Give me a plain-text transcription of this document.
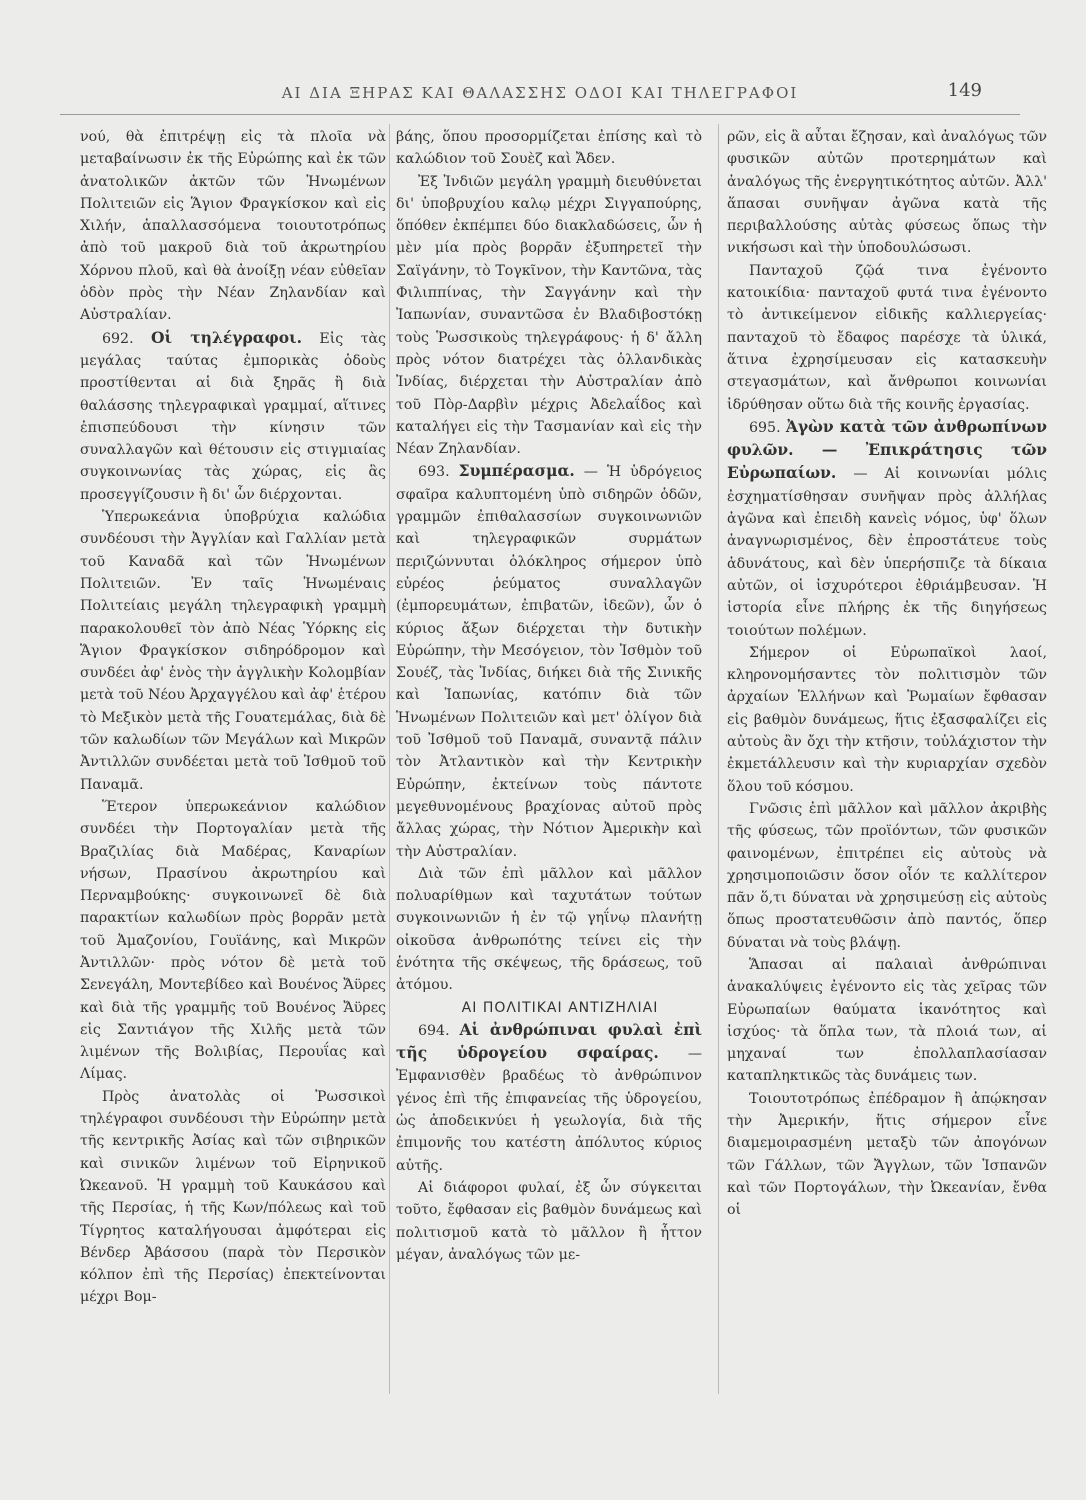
ΑΙ ΔΙΑ ΞΗΡΑΣ ΚΑΙ ΘΑΛΑΣΣΗΣ ΟΔΟΙ ΚΑΙ ΤΗΛΕΓΡΑΦΟΙ	149

νού, θὰ ἐπιτρέψῃ εἰς τὰ πλοῖα νὰ μεταβαίνωσιν ἐκ τῆς Εὐρώπης καὶ ἐκ τῶν ἀνατολικῶν ἀκτῶν τῶν Ἡνωμένων Πολιτειῶν εἰς Ἅγιον Φραγκίσκον καὶ εἰς Χιλήν, ἀπαλλασσόμενα τοιουτοτρόπως ἀπὸ τοῦ μακροῦ διὰ τοῦ ἀκρωτηρίου Χόρνου πλοῦ, καὶ θὰ ἀνοίξῃ νέαν εὐθεῖαν ὁδὸν πρὸς τὴν Νέαν Ζηλανδίαν καὶ Αὐστραλίαν.

692. Οἱ τηλέγραφοι. Εἰς τὰς μεγάλας ταύτας ἐμπορικὰς ὁδοὺς προστίθενται αἱ διὰ ξηρᾶς ἢ διὰ θαλάσσης τηλεγραφικαὶ γραμμαί, αἵτινες ἐπισπεύδουσι τὴν κίνησιν τῶν συναλλαγῶν καὶ θέτουσιν εἰς στιγμιαίας συγκοινωνίας τὰς χώρας, εἰς ἃς προσεγγίζουσιν ἢ δι' ὧν διέρχονται.

Ὑπερωκεάνια ὑποβρύχια καλώδια συνδέουσι τὴν Ἀγγλίαν καὶ Γαλλίαν μετὰ τοῦ Καναδᾶ καὶ τῶν Ἡνωμένων Πολιτειῶν. Ἐν ταῖς Ἡνωμέναις Πολιτείαις μεγάλη τηλεγραφικὴ γραμμὴ παρακολουθεῖ τὸν ἀπὸ Νέας Ὑόρκης εἰς Ἅγιον Φραγκίσκον σιδηρόδρομον καὶ συνδέει ἀφ' ἑνὸς τὴν ἀγγλικὴν Κολομβίαν μετὰ τοῦ Νέου Ἀρχαγγέλου καὶ ἀφ' ἑτέρου τὸ Μεξικὸν μετὰ τῆς Γουατεμάλας, διὰ δὲ τῶν καλωδίων τῶν Μεγάλων καὶ Μικρῶν Ἀντιλλῶν συνδέεται μετὰ τοῦ Ἰσθμοῦ τοῦ Παναμᾶ.

Ἕτερον ὑπερωκεάνιον καλώδιον συνδέει τὴν Πορτογαλίαν μετὰ τῆς Βραζιλίας διὰ Μαδέρας, Καναρίων νήσων, Πρασίνου ἀκρωτηρίου καὶ Περναμβούκης· συγκοινωνεῖ δὲ διὰ παρακτίων καλωδίων πρὸς βορρᾶν μετὰ τοῦ Ἀμαζονίου, Γουϊάνης, καὶ Μικρῶν Ἀντιλλῶν· πρὸς νότον δὲ μετὰ τοῦ Σενεγάλη, Μοντεβίδεο καὶ Βουένος Ἄϋρες καὶ διὰ τῆς γραμμῆς τοῦ Βουένος Ἄϋρες εἰς Σαντιάγον τῆς Χιλῆς μετὰ τῶν λιμένων τῆς Βολιβίας, Περουΐας καὶ Λίμας.

Πρὸς ἀνατολὰς οἱ Ῥωσσικοὶ τηλέγραφοι συνδέουσι τὴν Εὐρώπην μετὰ τῆς κεντρικῆς Ἀσίας καὶ τῶν σιβηρικῶν καὶ σινικῶν λιμένων τοῦ Εἰρηνικοῦ Ὠκεανοῦ. Ἡ γραμμὴ τοῦ Καυκάσου καὶ τῆς Περσίας, ἡ τῆς Κων/πόλεως καὶ τοῦ Τίγρητος καταλήγουσαι ἀμφότεραι εἰς Βένδερ Ἀβάσσου (παρὰ τὸν Περσικὸν κόλπον ἐπὶ τῆς Περσίας) ἐπεκτείνονται μέχρι Βομ-

βάης, ὅπου προσορμίζεται ἐπίσης καὶ τὸ καλώδιον τοῦ Σουὲζ καὶ Ἄδεν.

Ἐξ Ἰνδιῶν μεγάλη γραμμὴ διευθύνεται δι' ὑποβρυχίου καλῳ μέχρι Σιγγαπούρης, ὅπόθεν ἐκπέμπει δύο διακλαδώσεις, ὧν ἡ μὲν μία πρὸς βορρᾶν ἐξυπηρετεῖ τὴν Σαϊγάνην, τὸ Τογκῖνον, τὴν Καντῶνα, τὰς Φιλιππίνας, τὴν Σαγγάνην καὶ τὴν Ἰαπωνίαν, συναντῶσα ἐν Βλαδιβοστόκῃ τοὺς Ῥωσσικοὺς τηλεγράφους· ἡ δ' ἄλλη πρὸς νότον διατρέχει τὰς ὁλλανδικὰς Ἰνδίας, διέρχεται τὴν Αὐστραλίαν ἀπὸ τοῦ Πὸρ-Δαρβὶν μέχρις Ἀδελαΐδος καὶ καταλήγει εἰς τὴν Τασμανίαν καὶ εἰς τὴν Νέαν Ζηλανδίαν.

693. Συμπέρασμα. — Ἡ ὑδρόγειος σφαῖρα καλυπτομένη ὑπὸ σιδηρῶν ὁδῶν, γραμμῶν ἐπιθαλασσίων συγκοινωνιῶν καὶ τηλεγραφικῶν συρμάτων περιζώννυται ὁλόκληρος σήμερον ὑπὸ εὐρέος ῥεύματος συναλλαγῶν (ἐμπορευμάτων, ἐπιβατῶν, ἰδεῶν), ὧν ὁ κύριος ἄξων διέρχεται τὴν δυτικὴν Εὐρώπην, τὴν Μεσόγειον, τὸν Ἰσθμὸν τοῦ Σουέζ, τὰς Ἰνδίας, διήκει διὰ τῆς Σινικῆς καὶ Ἰαπωνίας, κατόπιν διὰ τῶν Ἡνωμένων Πολιτειῶν καὶ μετ' ὀλίγον διὰ τοῦ Ἰσθμοῦ τοῦ Παναμᾶ, συναντᾷ πάλιν τὸν Ἀτλαντικὸν καὶ τὴν Κεντρικὴν Εὐρώπην, ἐκτείνων τοὺς πάντοτε μεγεθυνομένους βραχίονας αὐτοῦ πρὸς ἄλλας χώρας, τὴν Νότιον Ἀμερικὴν καὶ τὴν Αὐστραλίαν.

Διὰ τῶν ἐπὶ μᾶλλον καὶ μᾶλλον πολυαρίθμων καὶ ταχυτάτων τούτων συγκοινωνιῶν ἡ ἐν τῷ γηΐνῳ πλανήτῃ οἰκοῦσα ἀνθρωπότης τείνει εἰς τὴν ἑνότητα τῆς σκέψεως, τῆς δράσεως, τοῦ ἀτόμου.

ΑΙ ΠΟΛΙΤΙΚΑΙ ΑΝΤΙΖΗΛΙΑΙ

694. Αἱ ἀνθρώπιναι φυλαὶ ἐπὶ τῆς ὑδρογείου σφαίρας. — Ἐμφανισθὲν βραδέως τὸ ἀνθρώπινον γένος ἐπὶ τῆς ἐπιφανείας τῆς ὑδρογείου, ὡς ἀποδεικνύει ἡ γεωλογία, διὰ τῆς ἐπιμονῆς του κατέστη ἀπόλυτος κύριος αὐτῆς.

Αἱ διάφοροι φυλαί, ἐξ ὧν σύγκειται τοῦτο, ἔφθασαν εἰς βαθμὸν δυνάμεως καὶ πολιτισμοῦ κατὰ τὸ μᾶλλον ἢ ἧττον μέγαν, ἀναλόγως τῶν με-

ρῶν, εἰς ἃ αὗται ἔζησαν, καὶ ἀναλόγως τῶν φυσικῶν αὐτῶν προτερημάτων καὶ ἀναλόγως τῆς ἐνεργητικότητος αὐτῶν. Ἀλλ' ἅπασαι συνῆψαν ἀγῶνα κατὰ τῆς περιβαλλούσης αὐτὰς φύσεως ὅπως τὴν νικήσωσι καὶ τὴν ὑποδουλώσωσι.

Πανταχοῦ ζῷά τινα ἐγένοντο κατοικίδια· πανταχοῦ φυτά τινα ἐγένοντο τὸ ἀντικείμενον εἰδικῆς καλλιεργείας· πανταχοῦ τὸ ἔδαφος παρέσχε τὰ ὑλικά, ἅτινα ἐχρησίμευσαν εἰς κατασκευὴν στεγασμάτων, καὶ ἄνθρωποι κοινωνίαι ἱδρύθησαν οὕτω διὰ τῆς κοινῆς ἐργασίας.

695. Ἀγὼν κατὰ τῶν ἀνθρωπίνων φυλῶν. — Ἐπικράτησις τῶν Εὐρωπαίων. — Αἱ κοινωνίαι μόλις ἐσχηματίσθησαν συνῆψαν πρὸς ἀλλήλας ἀγῶνα καὶ ἐπειδὴ κανεὶς νόμος, ὑφ' ὅλων ἀναγνωρισμένος, δὲν ἐπροστάτευε τοὺς ἀδυνάτους, καὶ δὲν ὑπερήσπιζε τὰ δίκαια αὐτῶν, οἱ ἰσχυρότεροι ἐθριάμβευσαν. Ἡ ἱστορία εἶνε πλήρης ἐκ τῆς διηγήσεως τοιούτων πολέμων.

Σήμερον οἱ Εὐρωπαϊκοὶ λαοί, κληρονομήσαντες τὸν πολιτισμὸν τῶν ἀρχαίων Ἑλλήνων καὶ Ῥωμαίων ἔφθασαν εἰς βαθμὸν δυνάμεως, ἥτις ἐξασφαλίζει εἰς αὐτοὺς ἂν ὄχι τὴν κτῆσιν, τοὐλάχιστον τὴν ἐκμετάλλευσιν καὶ τὴν κυριαρχίαν σχεδὸν ὅλου τοῦ κόσμου.

Γνῶσις ἐπὶ μᾶλλον καὶ μᾶλλον ἀκριβὴς τῆς φύσεως, τῶν προϊόντων, τῶν φυσικῶν φαινομένων, ἐπιτρέπει εἰς αὐτοὺς νὰ χρησιμοποιῶσιν ὅσον οἷόν τε καλλίτερον πᾶν ὅ,τι δύναται νὰ χρησιμεύσῃ εἰς αὐτοὺς ὅπως προστατευθῶσιν ἀπὸ παντός, ὅπερ δύναται νὰ τοὺς βλάψῃ.

Ἅπασαι αἱ παλαιαὶ ἀνθρώπιναι ἀνακαλύψεις ἐγένοντο εἰς τὰς χεῖρας τῶν Εὐρωπαίων θαύματα ἱκανότητος καὶ ἰσχύος· τὰ ὅπλα των, τὰ πλοιά των, αἱ μηχαναί των ἐπολλαπλασίασαν καταπληκτικῶς τὰς δυνάμεις των.

Τοιουτοτρόπως ἐπέδραμον ἢ ἀπῴκησαν τὴν Ἀμερικήν, ἥτις σήμερον εἶνε διαμεμοιρασμένη μεταξὺ τῶν ἀπογόνων τῶν Γάλλων, τῶν Ἄγγλων, τῶν Ἱσπανῶν καὶ τῶν Πορτογάλων, τὴν Ὠκεανίαν, ἔνθα οἱ
